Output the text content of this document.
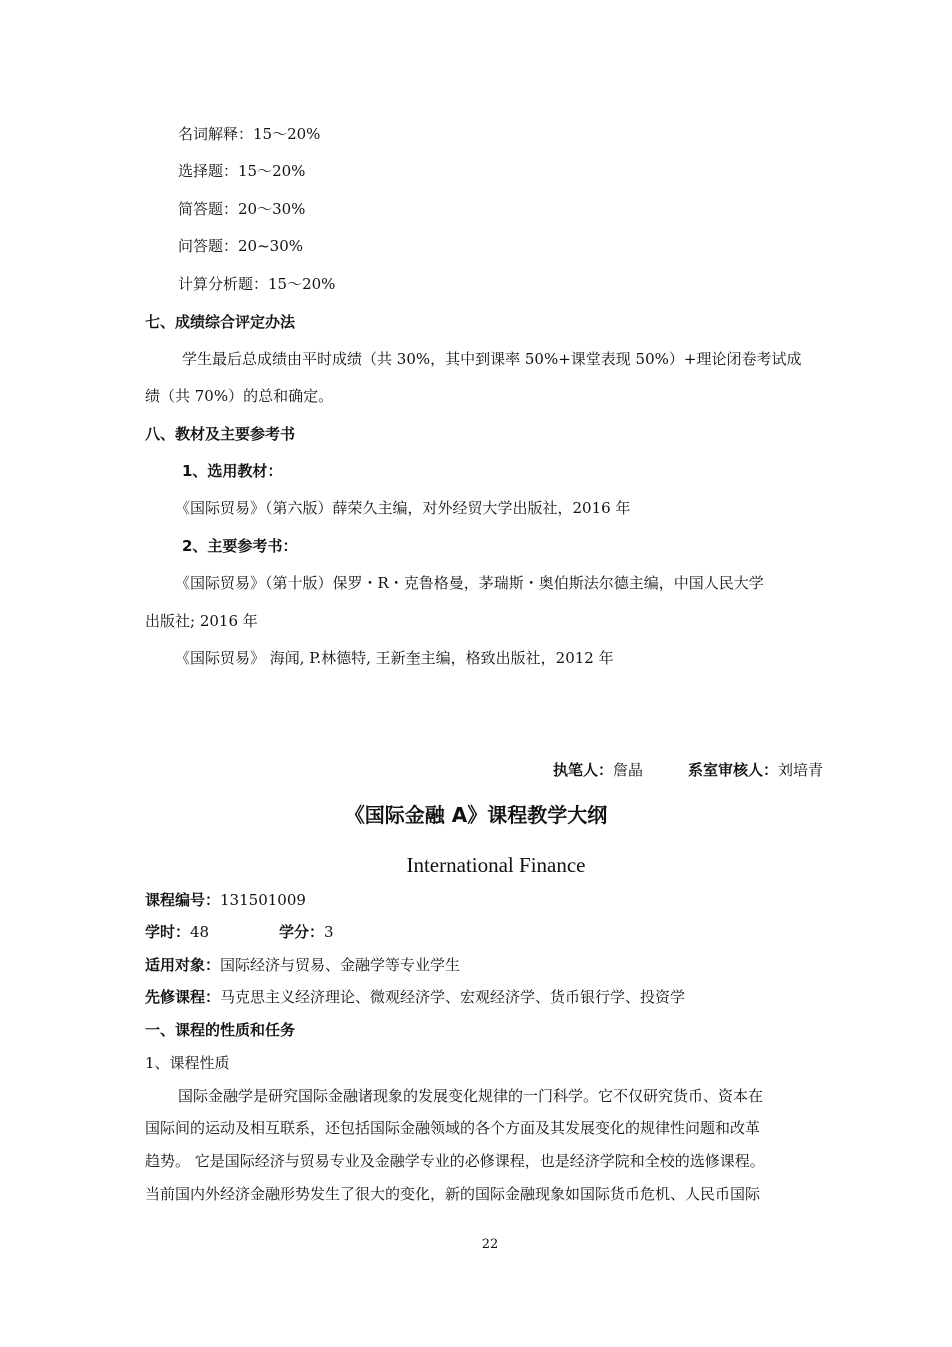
名词解释：15～20%
选择题：15～20%
简答题：20～30%
问答题：20~30%
计算分析题：15～20%
七、成绩综合评定办法
学生最后总成绩由平时成绩（共 30%，其中到课率 50%+课堂表现 50%）+理论闭卷考试成
绩（共 70%）的总和确定。
八、教材及主要参考书
1、选用教材：
《国际贸易》（第六版）薛荣久主编，对外经贸大学出版社，2016 年
2、主要参考书：
《国际贸易》（第十版）保罗・R・克鲁格曼，茅瑞斯・奥伯斯法尔德主编，中国人民大学
出版社; 2016 年
《国际贸易》 海闻, P.林德特, 王新奎主编，格致出版社，2012 年
执笔人：詹晶	系室审核人：刘培青
《国际金融 A》课程教学大纲
International Finance
课程编号：131501009
学时：48	学分：3
适用对象：国际经济与贸易、金融学等专业学生
先修课程：马克思主义经济理论、微观经济学、宏观经济学、货币银行学、投资学
一、课程的性质和任务
1、课程性质
国际金融学是研究国际金融诸现象的发展变化规律的一门科学。它不仅研究货币、资本在
国际间的运动及相互联系，还包括国际金融领域的各个方面及其发展变化的规律性问题和改革
趋势。 它是国际经济与贸易专业及金融学专业的必修课程，也是经济学院和全校的选修课程。
当前国内外经济金融形势发生了很大的变化，新的国际金融现象如国际货币危机、人民币国际
22
